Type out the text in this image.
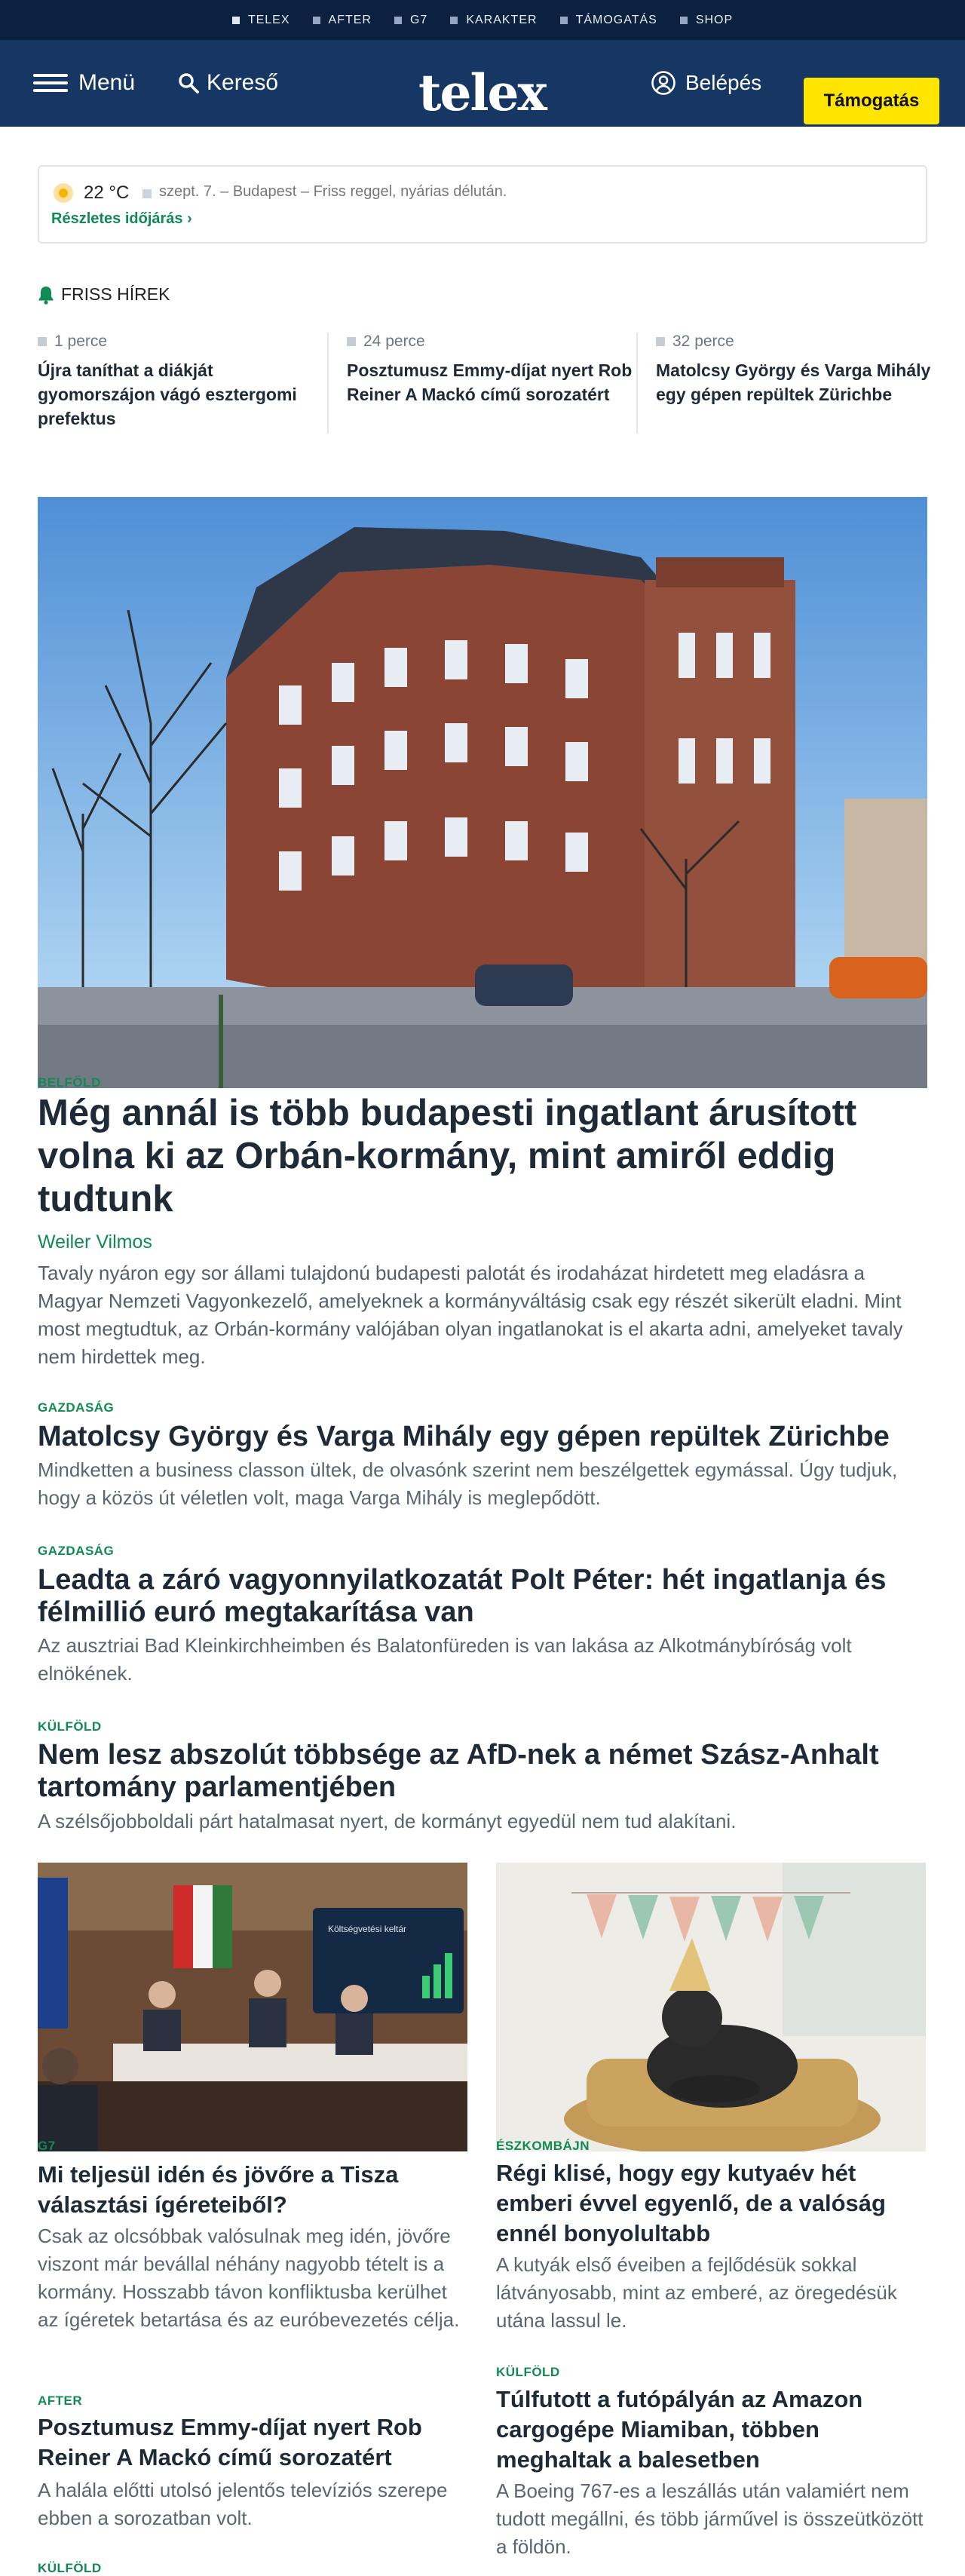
TELEX	AFTER	G7	KARAKTER	TÁMOGATÁS	SHOP
Menü	Kereső	telex	Belépés
Támogatás
22 °C szept. 7. – Budapest – Friss reggel, nyárias délután.
Részletes időjárás ›
FRISS HÍREK
1 perce
Újra taníthat a diákját gyomorszájon vágó esztergomi prefektus
24 perce
Posztumusz Emmy-díjat nyert Rob Reiner A Mackó című sorozatért
32 perce
Matolcsy György és Varga Mihály egy gépen repültek Zürichbe
BELFÖLD
Még annál is több budapesti ingatlant árusított volna ki az Orbán-kormány, mint amiről eddig tudtunk
Weiler Vilmos
Tavaly nyáron egy sor állami tulajdonú budapesti palotát és irodaházat hirdetett meg eladásra a Magyar Nemzeti Vagyonkezelő, amelyeknek a kormányváltásig csak egy részét sikerült eladni. Mint most megtudtuk, az Orbán-kormány valójában olyan ingatlanokat is el akarta adni, amelyeket tavaly nem hirdettek meg.
GAZDASÁG
Matolcsy György és Varga Mihály egy gépen repültek Zürichbe
Mindketten a business classon ültek, de olvasónk szerint nem beszélgettek egymással. Úgy tudjuk, hogy a közös út véletlen volt, maga Varga Mihály is meglepődött.
GAZDASÁG
Leadta a záró vagyonnyilatkozatát Polt Péter: hét ingatlanja és félmillió euró megtakarítása van
Az ausztriai Bad Kleinkirchheimben és Balatonfüreden is van lakása az Alkotmánybíróság volt elnökének.
KÜLFÖLD
Nem lesz abszolút többsége az AfD-nek a német Szász-Anhalt tartomány parlamentjében
A szélsőjobboldali párt hatalmasat nyert, de kormányt egyedül nem tud alakítani.
Költségvetési keltár
G7
Mi teljesül idén és jövőre a Tisza választási ígéreteiből?
Csak az olcsóbbak valósulnak meg idén, jövőre viszont már bevállal néhány nagyobb tételt is a kormány. Hosszabb távon konfliktusba kerülhet az ígéretek betartása és az euróbevezetés célja.
AFTER
Posztumusz Emmy-díjat nyert Rob Reiner A Mackó című sorozatért
A halála előtti utolsó jelentős televíziós szerepe ebben a sorozatban volt.
KÜLFÖLD
ÉSZKOMBÁJN
Régi klisé, hogy egy kutyaév hét emberi évvel egyenlő, de a valóság ennél bonyolultabb
A kutyák első éveiben a fejlődésük sokkal látványosabb, mint az emberé, az öregedésük utána lassul le.
KÜLFÖLD
Túlfutott a futópályán az Amazon cargogépe Miamiban, többen meghaltak a balesetben
A Boeing 767-es a leszállás után valamiért nem tudott megállni, és több járművel is összeütközött a földön.
